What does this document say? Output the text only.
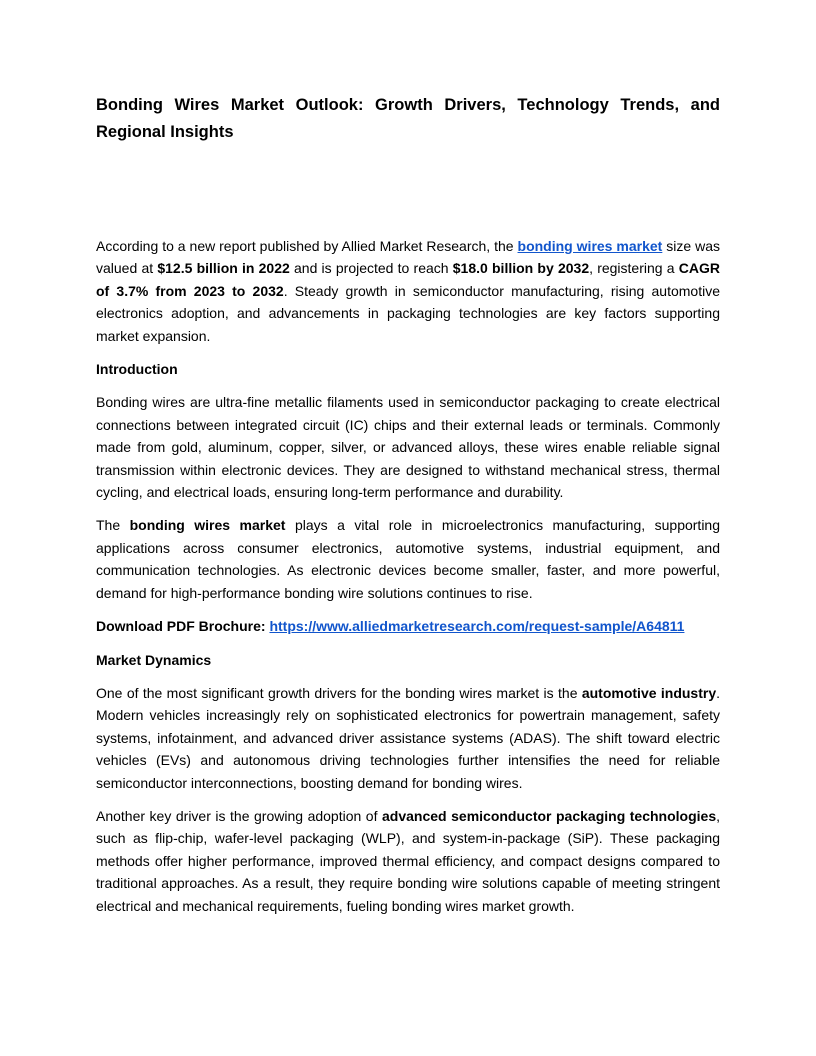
Bonding Wires Market Outlook: Growth Drivers, Technology Trends, and Regional Insights

According to a new report published by Allied Market Research, the bonding wires market size was valued at $12.5 billion in 2022 and is projected to reach $18.0 billion by 2032, registering a CAGR of 3.7% from 2023 to 2032. Steady growth in semiconductor manufacturing, rising automotive electronics adoption, and advancements in packaging technologies are key factors supporting market expansion.

Introduction

Bonding wires are ultra-fine metallic filaments used in semiconductor packaging to create electrical connections between integrated circuit (IC) chips and their external leads or terminals. Commonly made from gold, aluminum, copper, silver, or advanced alloys, these wires enable reliable signal transmission within electronic devices. They are designed to withstand mechanical stress, thermal cycling, and electrical loads, ensuring long-term performance and durability.

The bonding wires market plays a vital role in microelectronics manufacturing, supporting applications across consumer electronics, automotive systems, industrial equipment, and communication technologies. As electronic devices become smaller, faster, and more powerful, demand for high-performance bonding wire solutions continues to rise.

Download PDF Brochure: https://www.alliedmarketresearch.com/request-sample/A64811

Market Dynamics

One of the most significant growth drivers for the bonding wires market is the automotive industry. Modern vehicles increasingly rely on sophisticated electronics for powertrain management, safety systems, infotainment, and advanced driver assistance systems (ADAS). The shift toward electric vehicles (EVs) and autonomous driving technologies further intensifies the need for reliable semiconductor interconnections, boosting demand for bonding wires.

Another key driver is the growing adoption of advanced semiconductor packaging technologies, such as flip-chip, wafer-level packaging (WLP), and system-in-package (SiP). These packaging methods offer higher performance, improved thermal efficiency, and compact designs compared to traditional approaches. As a result, they require bonding wire solutions capable of meeting stringent electrical and mechanical requirements, fueling bonding wires market growth.
